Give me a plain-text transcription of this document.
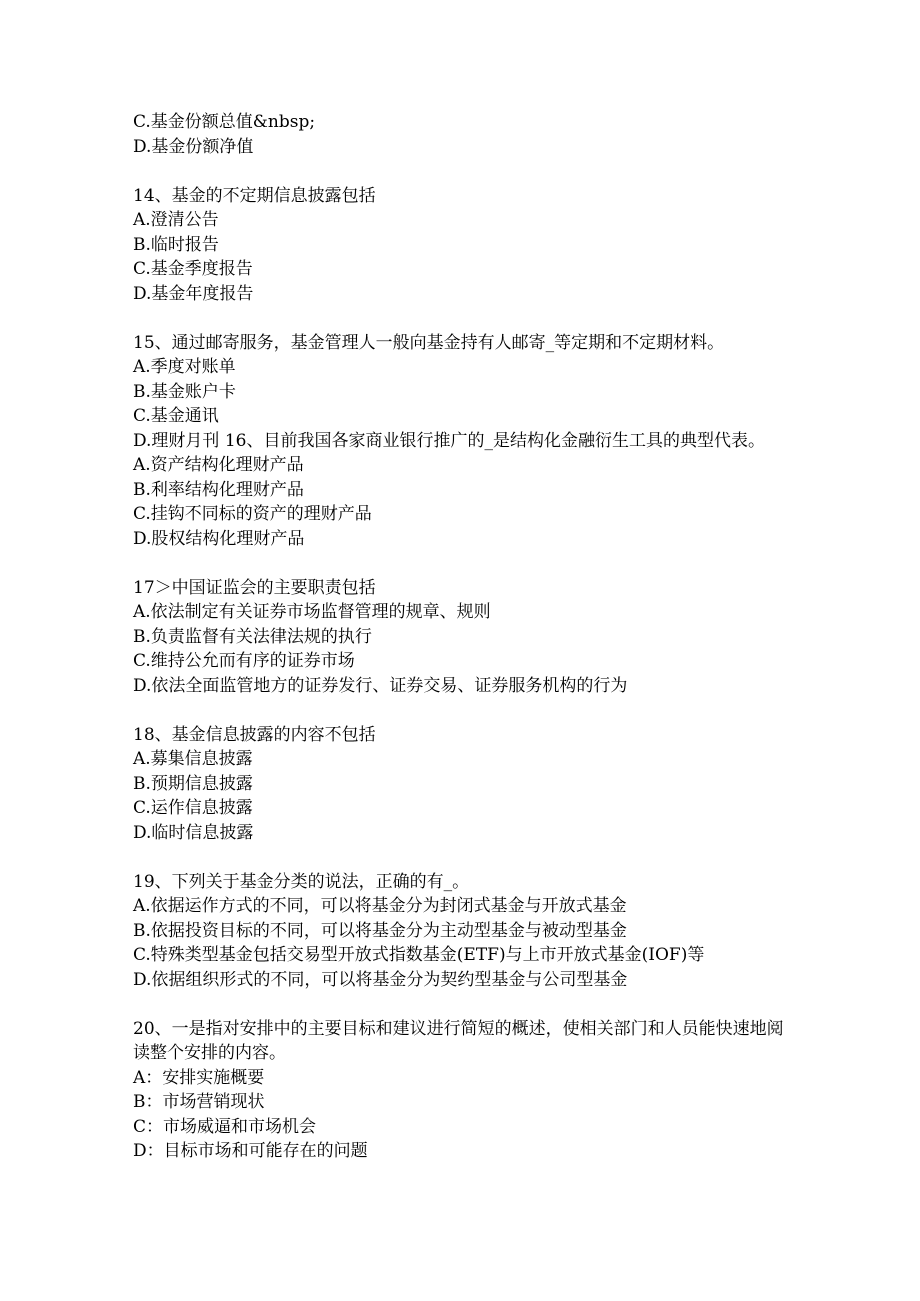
C.基金份额总值&nbsp;

D.基金份额净值

14、基金的不定期信息披露包括

A.澄清公告

B.临时报告

C.基金季度报告

D.基金年度报告

15、通过邮寄服务，基金管理人一般向基金持有人邮寄_等定期和不定期材料。

A.季度对账单

B.基金账户卡

C.基金通讯

D.理财月刊 16、目前我国各家商业银行推广的_是结构化金融衍生工具的典型代表。

A.资产结构化理财产品

B.利率结构化理财产品

C.挂钩不同标的资产的理财产品

D.股权结构化理财产品

17＞中国证监会的主要职责包括

A.依法制定有关证券市场监督管理的规章、规则

B.负责监督有关法律法规的执行

C.维持公允而有序的证券市场

D.依法全面监管地方的证券发行、证券交易、证券服务机构的行为

18、基金信息披露的内容不包括

A.募集信息披露

B.预期信息披露

C.运作信息披露

D.临时信息披露

19、下列关于基金分类的说法，正确的有_。

A.依据运作方式的不同，可以将基金分为封闭式基金与开放式基金

B.依据投资目标的不同，可以将基金分为主动型基金与被动型基金

C.特殊类型基金包括交易型开放式指数基金(ETF)与上市开放式基金(IOF)等

D.依据组织形式的不同，可以将基金分为契约型基金与公司型基金

20、一是指对安排中的主要目标和建议进行简短的概述，使相关部门和人员能快速地阅读整个安排的内容。

A：安排实施概要

B：市场营销现状

C：市场威逼和市场机会

D：目标市场和可能存在的问题
